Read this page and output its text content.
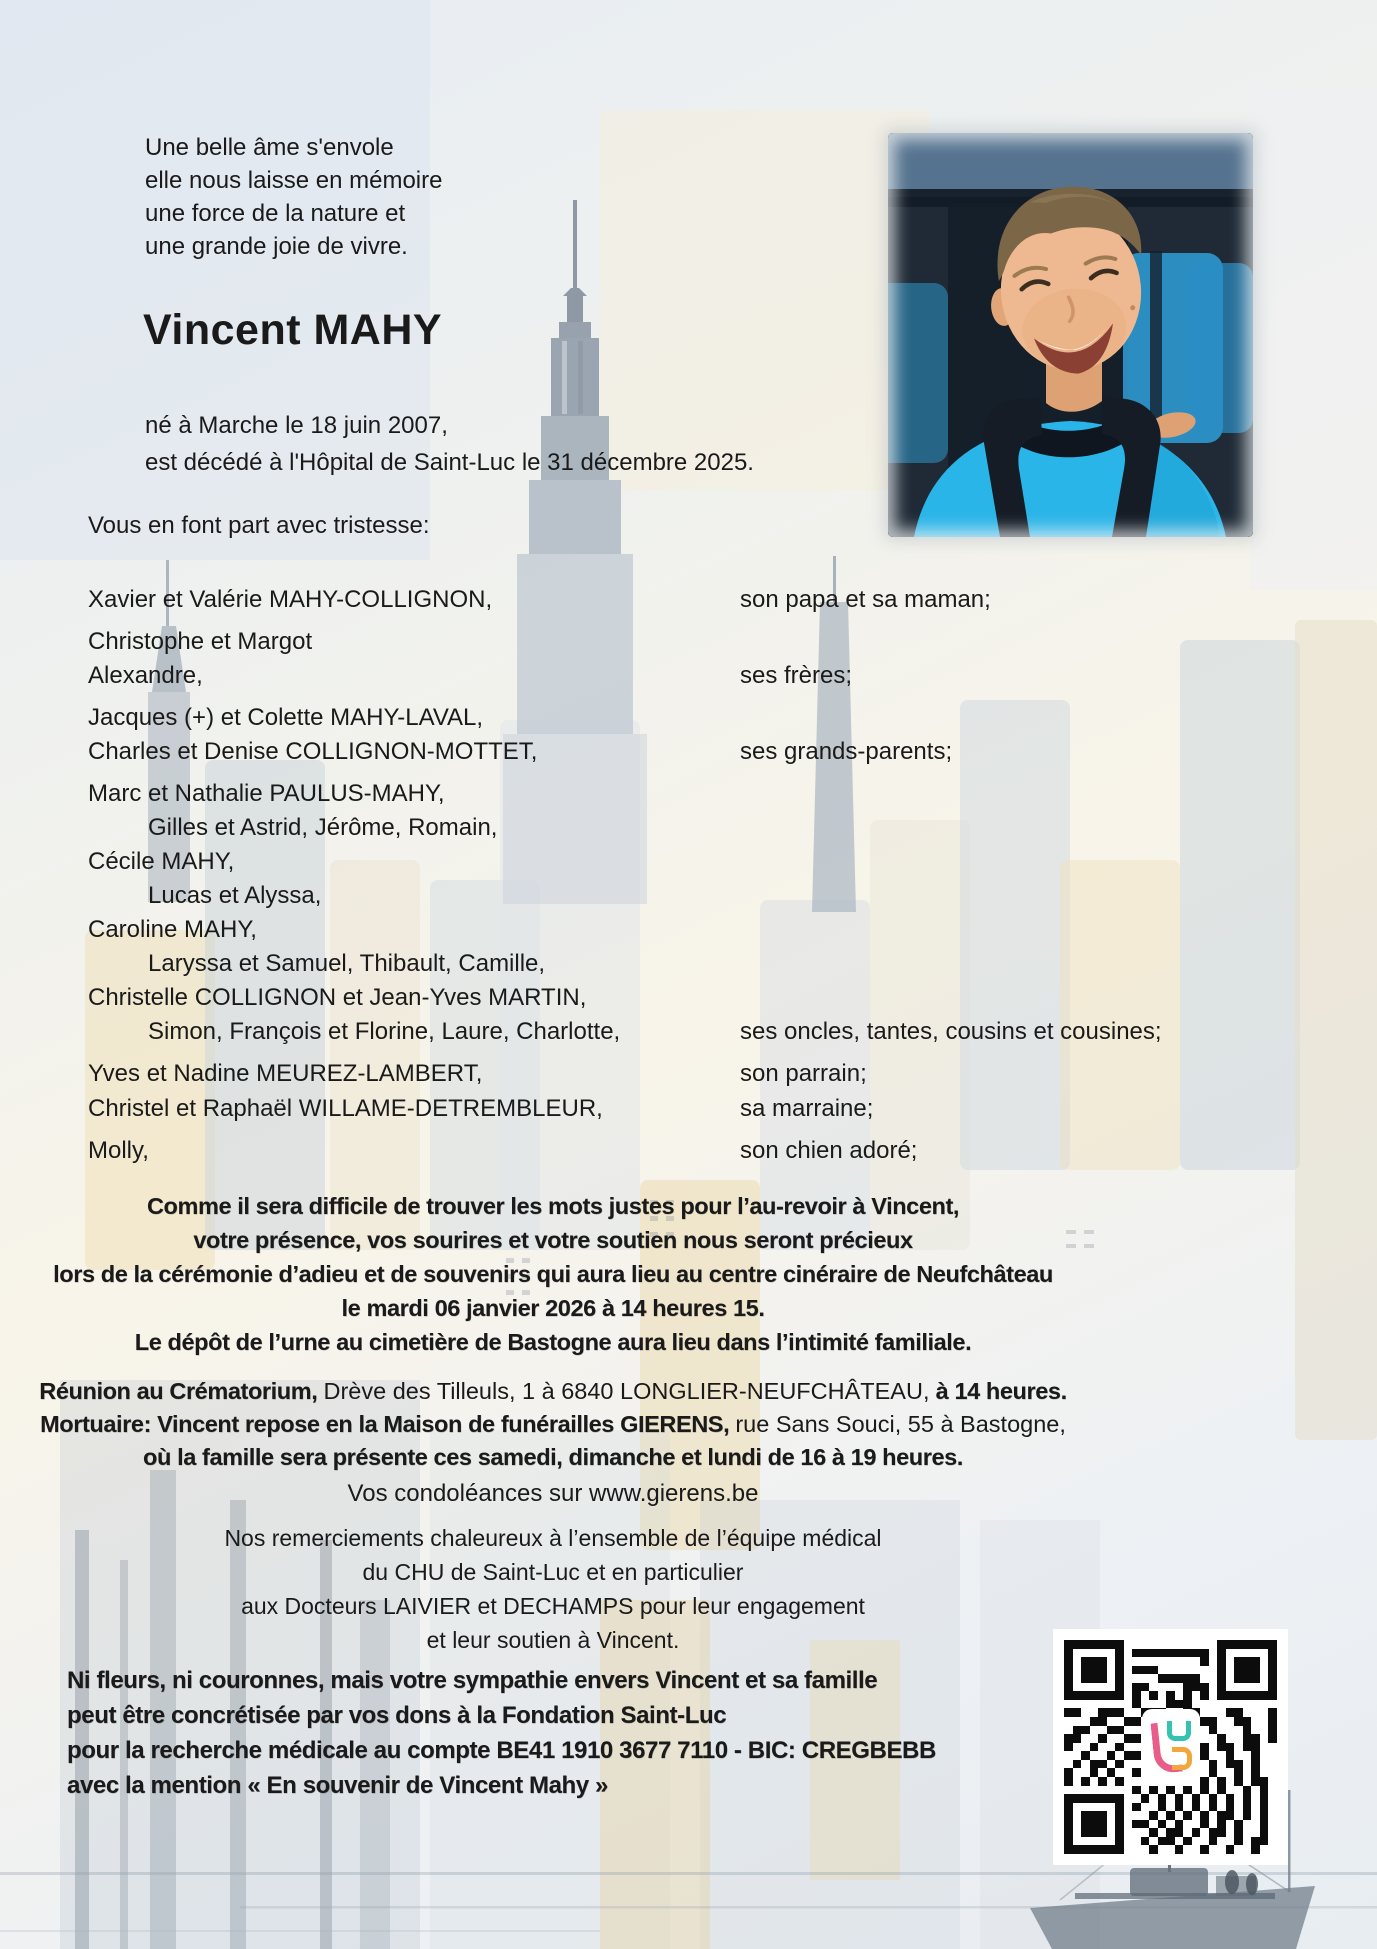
Une belle âme s'envole
elle nous laisse en mémoire
une force de la nature et
une grande joie de vivre.
Vincent MAHY
né à Marche le 18 juin 2007,
est décédé à l'Hôpital de Saint-Luc le 31 décembre 2025.
Vous en font part avec tristesse:
Xavier et Valérie MAHY-COLLIGNON,	son papa et sa maman;
Christophe et Margot
Alexandre,	ses frères;
Jacques (+) et Colette MAHY-LAVAL,
Charles et Denise COLLIGNON-MOTTET,	ses grands-parents;
Marc et Nathalie PAULUS-MAHY,
Gilles et Astrid, Jérôme, Romain,
Cécile MAHY,
Lucas et Alyssa,
Caroline MAHY,
Laryssa et Samuel, Thibault, Camille,
Christelle COLLIGNON et Jean-Yves MARTIN,
Simon, François et Florine, Laure, Charlotte,	ses oncles, tantes, cousins et cousines;
Yves et Nadine MEUREZ-LAMBERT,	son parrain;
Christel et Raphaël WILLAME-DETREMBLEUR,	sa marraine;
Molly,	son chien adoré;
Comme il sera difficile de trouver les mots justes pour l’au-revoir à Vincent,
votre présence, vos sourires et votre soutien nous seront précieux
lors de la cérémonie d’adieu et de souvenirs qui aura lieu au centre cinéraire de Neufchâteau
le mardi 06 janvier 2026 à 14 heures 15.
Le dépôt de l’urne au cimetière de Bastogne aura lieu dans l’intimité familiale.
Réunion au Crématorium, Drève des Tilleuls, 1 à 6840 LONGLIER-NEUFCHÂTEAU, à 14 heures.
Mortuaire: Vincent repose en la Maison de funérailles GIERENS, rue Sans Souci, 55 à Bastogne,
où la famille sera présente ces samedi, dimanche et lundi de 16 à 19 heures.
Vos condoléances sur www.gierens.be
Nos remerciements chaleureux à l’ensemble de l’équipe médical
du CHU de Saint-Luc et en particulier
aux Docteurs LAIVIER et DECHAMPS pour leur engagement
et leur soutien à Vincent.
Ni fleurs, ni couronnes, mais votre sympathie envers Vincent et sa famille
peut être concrétisée par vos dons à la Fondation Saint-Luc
pour la recherche médicale au compte BE41 1910 3677 7110 - BIC: CREGBEBB
avec la mention « En souvenir de Vincent Mahy »
